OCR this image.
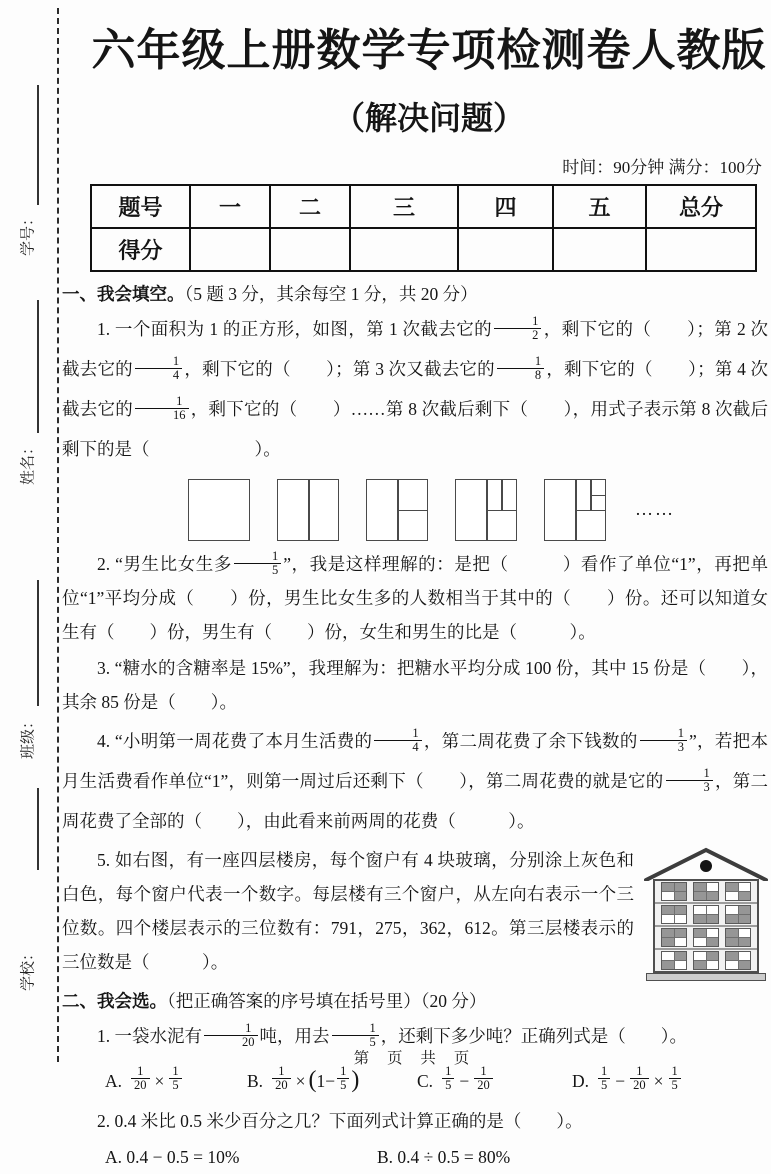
学号：
姓名：
班级：
学校：
六年级上册数学专项检测卷人教版
（解决问题）
时间：90分钟 满分：100分
题号	一	二	三	四	五	总分
得分						
一、我会填空。（5 题 3 分，其余每空 1 分，共 20 分）

1. 一个面积为 1 的正方形，如图，第 1 次截去它的 $\frac{1}{2}$ ，剩下它的（　　）；第 2 次截去它的 $\frac{1}{4}$ ，剩下它的（　　）；第 3 次又截去它的 $\frac{1}{8}$ ，剩下它的（　　）；第 4 次截去它的 $\frac{1}{16}$ ，剩下它的（　　）……第 8 次截后剩下（　　），用式子表示第 8 次截后剩下的是（　　　　　　）。

……

2. “男生比女生多 $\frac{1}{5}$ ”，我是这样理解的：是把（　　　）看作了单位“1”，再把单位“1”平均分成（　　）份，男生比女生多的人数相当于其中的（　　）份。还可以知道女生有（　　）份，男生有（　　）份，女生和男生的比是（　　　）。

3. “糖水的含糖率是 15%”，我理解为：把糖水平均分成 100 份，其中 15 份是（　　），其余 85 份是（　　）。

4. “小明第一周花费了本月生活费的 $\frac{1}{4}$ ，第二周花费了余下钱数的 $\frac{1}{3}$ ”，若把本月生活费看作单位“1”，则第一周过后还剩下（　　），第二周花费的就是它的 $\frac{1}{3}$ ，第二周花费了全部的（　　），由此看来前两周的花费（　　　）。

5. 如右图，有一座四层楼房，每个窗户有 4 块玻璃，分别涂上灰色和白色，每个窗户代表一个数字。每层楼有三个窗户，从左向右表示一个三位数。四个楼层表示的三位数有：791，275，362，612。第三层楼表示的三位数是（　　　）。

二、我会选。（把正确答案的序号填在括号里）（20 分）

1. 一袋水泥有 $\frac{1}{20}$ 吨，用去 $\frac{1}{5}$ ，还剩下多少吨？正确列式是（　　）。

A. $\frac{1}{20} \times \frac{1}{5}$	B. $\frac{1}{20}$ × ( $1- \frac{1}{5}$ )	C. $\frac{1}{5} - \frac{1}{20}$	D. $\frac{1}{5} - \frac{1}{20} \times \frac{1}{5}$

2. 0.4 米比 0.5 米少百分之几？下面列式计算正确的是（　　）。

A. 0.4 − 0.5 = 10%	B. 0.4 ÷ 0.5 = 80%
第 页 共 页
